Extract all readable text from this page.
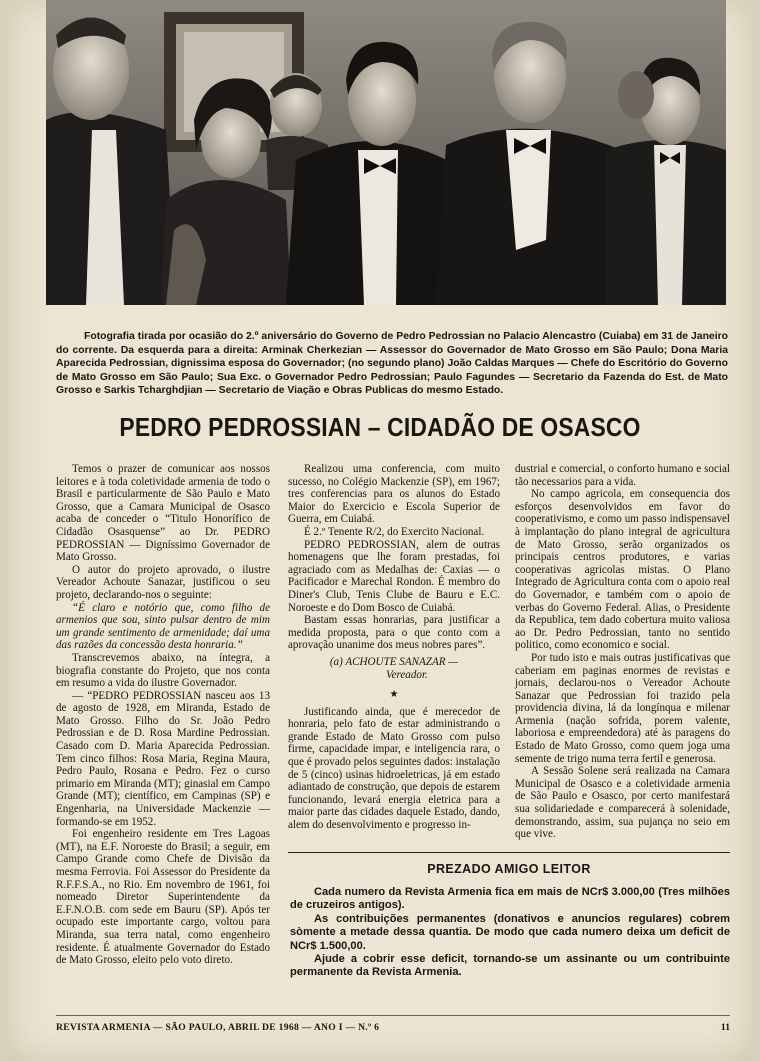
Fotografia tirada por ocasião do 2.º aniversário do Governo de Pedro Pedrossian no Palacio Alencastro (Cuiaba) em 31 de Janeiro do corrente. Da esquerda para a direita: Arminak Cherkezian — Assessor do Governador de Mato Grosso em São Paulo; Dona Maria Aparecida Pedrossian, dignissima esposa do Governador; (no segundo plano) João Caldas Marques — Chefe do Escritório do Governo de Mato Grosso em São Paulo; Sua Exc. o Governador Pedro Pedrossian; Paulo Fagundes — Secretario da Fazenda do Est. de Mato Grosso e Sarkis Tcharghdjian — Secretario de Viação e Obras Publicas do mesmo Estado.

PEDRO PEDROSSIAN – CIDADÃO DE OSASCO

Temos o prazer de comunicar aos nossos leitores e à toda coletividade armenia de todo o Brasil e particularmente de São Paulo e Mato Grosso, que a Camara Municipal de Osasco acaba de conceder o “Titulo Honorífico de Cidadão Osasquense” ao Dr. PEDRO PEDROSSIAN — Digníssimo Governador de Mato Grosso.

O autor do projeto aprovado, o ilustre Vereador Achoute Sanazar, justificou o seu projeto, declarando-nos o seguinte:

“É claro e notório que, como filho de armenios que sou, sinto pulsar dentro de mim um grande sentimento de armenidade; daí uma das razões da concessão desta honraria.”

Transcrevemos abaixo, na íntegra, a biografia constante do Projeto, que nos conta em resumo a vida do ilustre Governador.

— “PEDRO PEDROSSIAN nasceu aos 13 de agosto de 1928, em Miranda, Estado de Mato Grosso. Filho do Sr. João Pedro Pedrossian e de D. Rosa Mardine Pedrossian. Casado com D. Maria Aparecida Pedrossian. Tem cinco filhos: Rosa Maria, Regina Maura, Pedro Paulo, Rosana e Pedro. Fez o curso primario em Miranda (MT); ginasial em Campo Grande (MT); científico, em Campinas (SP) e Engenharia, na Universidade Mackenzie — formando-se em 1952.

Foi engenheiro residente em Tres Lagoas (MT), na E.F. Noroeste do Brasil; a seguir, em Campo Grande como Chefe de Divisão da mesma Ferrovia. Foi Assessor do Presidente da R.F.F.S.A., no Rio. Em novembro de 1961, foi nomeado Diretor Superintendente da E.F.N.O.B. com sede em Bauru (SP). Após ter ocupado este importante cargo, voltou para Miranda, sua terra natal, como engenheiro residente. É atualmente Governador do Estado de Mato Grosso, eleito pelo voto direto.

Realizou uma conferencia, com muito sucesso, no Colégio Mackenzie (SP), em 1967; tres conferencias para os alunos do Estado Maior do Exercicio e Escola Superior de Guerra, em Cuiabá.

É 2.º Tenente R/2, do Exercito Nacional.

PEDRO PEDROSSIAN, alem de outras homenagens que lhe foram prestadas, foi agraciado com as Medalhas de: Caxias — o Pacificador e Marechal Rondon. É membro do Diner's Club, Tenis Clube de Bauru e E.C. Noroeste e do Dom Bosco de Cuiabá.

Bastam essas honrarias, para justificar a medida proposta, para o que conto com a aprovação unanime dos meus nobres pares”.

(a) ACHOUTE SANAZAR —

Vereador.

★

Justificando ainda, que é merecedor de honraria, pelo fato de estar administrando o grande Estado de Mato Grosso com pulso firme, capacidade impar, e inteligencia rara, o que é provado pelos seguintes dados: instalação de 5 (cinco) usinas hidroeletricas, já em estado adiantado de construção, que depois de estarem funcionando, levará energia eletrica para a maior parte das cidades daquele Estado, dando, alem do desenvolvimento e progresso in-

dustrial e comercial, o conforto humano e social tão necessarios para a vida.

No campo agricola, em consequencia dos esforços desenvolvidos em favor do cooperativismo, e como um passo indispensavel à implantação do plano integral de agricultura de Mato Grosso, serão organizados os principais centros produtores, e varias cooperativas agricolas mistas. O Plano Integrado de Agricultura conta com o apoio real do Governador, e também com o apoio de verbas do Governo Federal. Alias, o Presidente da Republica, tem dado cobertura muito valiosa ao Dr. Pedro Pedrossian, tanto no sentido politico, como economico e social.

Por tudo isto e mais outras justificativas que caberiam em paginas enormes de revistas e jornais, declarou-nos o Vereador Achoute Sanazar que Pedrossian foi trazido pela providencia divina, lá da longínqua e milenar Armenia (nação sofrida, porem valente, laboriosa e empreendedora) até às paragens do Estado de Mato Grosso, como quem joga uma semente de trigo numa terra fertil e generosa.

A Sessão Solene será realizada na Camara Municipal de Osasco e a coletividade armenia de São Paulo e Osasco, por certo manifestará sua solidariedade e comparecerá à solenidade, demonstrando, assim, sua pujança no seio em que vive.

PREZADO AMIGO LEITOR

Cada numero da Revista Armenia fica em mais de NCr$ 3.000,00 (Tres milhões de cruzeiros antigos).

As contribuições permanentes (donativos e anuncios regulares) cobrem sòmente a metade dessa quantia. De modo que cada numero deixa um deficit de NCr$ 1.500,00.

Ajude a cobrir esse deficit, tornando-se um assinante ou um contribuinte permanente da Revista Armenia.

REVISTA ARMENIA — SÃO PAULO, ABRIL DE 1968 — ANO I — N.º 6	11
